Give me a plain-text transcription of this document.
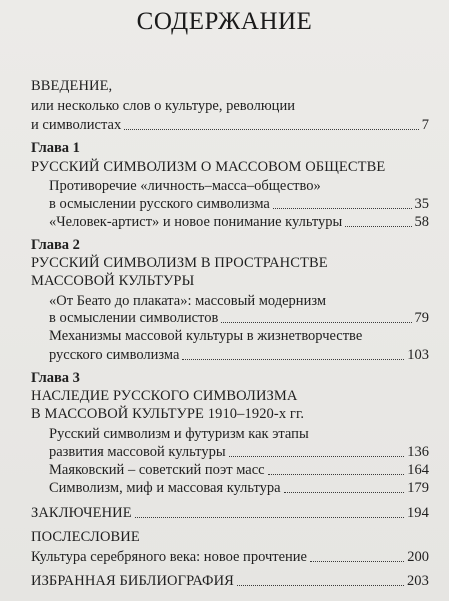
СОДЕРЖАНИЕ
ВВЕДЕНИЕ,
или несколько слов о культуре, революции
и символистах	7
Глава 1
РУССКИЙ СИМВОЛИЗМ О МАССОВОМ ОБЩЕСТВЕ
Противоречие «личность–масса–общество»
в осмыслении русского символизма	35
«Человек-артист» и новое понимание культуры	58
Глава 2
РУССКИЙ СИМВОЛИЗМ В ПРОСТРАНСТВЕ
МАССОВОЙ КУЛЬТУРЫ
«От Беато до плаката»: массовый модернизм
в осмыслении символистов	79
Механизмы массовой культуры в жизнетворчестве
русского символизма	103
Глава 3
НАСЛЕДИЕ РУССКОГО СИМВОЛИЗМА
В МАССОВОЙ КУЛЬТУРЕ 1910–1920-х гг.
Русский символизм и футуризм как этапы
развития массовой культуры	136
Маяковский – советский поэт масс	164
Символизм, миф и массовая культура	179
ЗАКЛЮЧЕНИЕ	194
ПОСЛЕСЛОВИЕ
Культура серебряного века: новое прочтение	200
ИЗБРАННАЯ БИБЛИОГРАФИЯ	203
